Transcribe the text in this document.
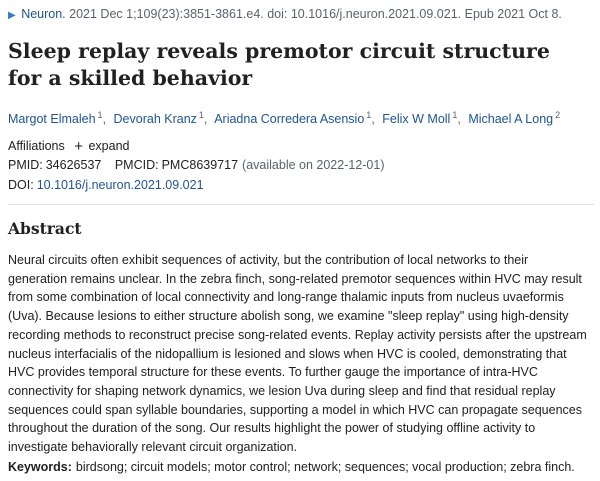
▶ Neuron. 2021 Dec 1;109(23):3851-3861.e4. doi: 10.1016/j.neuron.2021.09.021. Epub 2021 Oct 8.
Sleep replay reveals premotor circuit structure for a skilled behavior
Margot Elmaleh $^1$, Devorah Kranz $^1$, Ariadna Corredera Asensio $^1$, Felix W Moll $^1$, Michael A Long $^2$
Affiliations + expand
PMID: 34626537 PMCID: PMC8639717 (available on 2022-12-01)
DOI: 10.1016/j.neuron.2021.09.021
Abstract

Neural circuits often exhibit sequences of activity, but the contribution of local networks to their generation remains unclear. In the zebra finch, song-related premotor sequences within HVC may result from some combination of local connectivity and long-range thalamic inputs from nucleus uvaeformis (Uva). Because lesions to either structure abolish song, we examine "sleep replay" using high-density recording methods to reconstruct precise song-related events. Replay activity persists after the upstream nucleus interfacialis of the nidopallium is lesioned and slows when HVC is cooled, demonstrating that HVC provides temporal structure for these events. To further gauge the importance of intra-HVC connectivity for shaping network dynamics, we lesion Uva during sleep and find that residual replay sequences could span syllable boundaries, supporting a model in which HVC can propagate sequences throughout the duration of the song. Our results highlight the power of studying offline activity to investigate behaviorally relevant circuit organization.

Keywords: birdsong; circuit models; motor control; network; sequences; vocal production; zebra finch.
